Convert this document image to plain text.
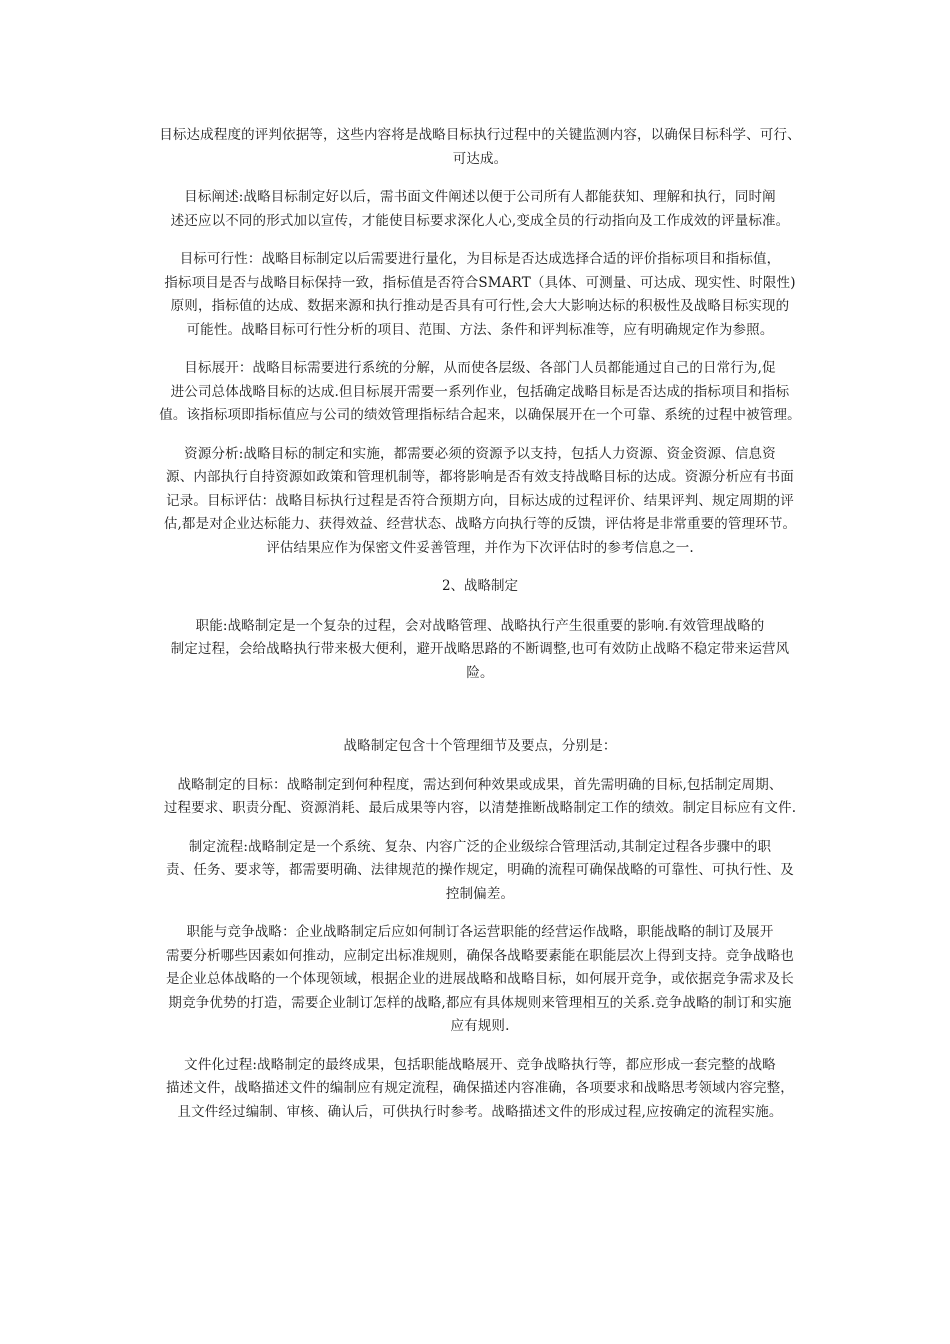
目标达成程度的评判依据等，这些内容将是战略目标执行过程中的关键监测内容，以确保目标科学、可行、
可达成。

目标阐述:战略目标制定好以后，需书面文件阐述以便于公司所有人都能获知、理解和执行，同时阐
述还应以不同的形式加以宣传，才能使目标要求深化人心,变成全员的行动指向及工作成效的评量标准。

目标可行性：战略目标制定以后需要进行量化，为目标是否达成选择合适的评价指标项目和指标值，
指标项目是否与战略目标保持一致，指标值是否符合SMART（具体、可测量、可达成、现实性、时限性)
原则，指标值的达成、数据来源和执行推动是否具有可行性,会大大影响达标的积极性及战略目标实现的
可能性。战略目标可行性分析的项目、范围、方法、条件和评判标准等，应有明确规定作为参照。

目标展开：战略目标需要进行系统的分解，从而使各层级、各部门人员都能通过自己的日常行为,促
进公司总体战略目标的达成.但目标展开需要一系列作业，包括确定战略目标是否达成的指标项目和指标
值。该指标项即指标值应与公司的绩效管理指标结合起来，以确保展开在一个可靠、系统的过程中被管理。

资源分析:战略目标的制定和实施，都需要必须的资源予以支持，包括人力资源、资金资源、信息资
源、内部执行自持资源如政策和管理机制等，都将影响是否有效支持战略目标的达成。资源分析应有书面
记录。目标评估：战略目标执行过程是否符合预期方向，目标达成的过程评价、结果评判、规定周期的评
估,都是对企业达标能力、获得效益、经营状态、战略方向执行等的反馈，评估将是非常重要的管理环节。
评估结果应作为保密文件妥善管理，并作为下次评估时的参考信息之一.

2、战略制定

职能:战略制定是一个复杂的过程，会对战略管理、战略执行产生很重要的影响.有效管理战略的
制定过程，会给战略执行带来极大便利，避开战略思路的不断调整,也可有效防止战略不稳定带来运营风
险。

战略制定包含十个管理细节及要点，分别是：

战略制定的目标：战略制定到何种程度，需达到何种效果或成果，首先需明确的目标,包括制定周期、
过程要求、职责分配、资源消耗、最后成果等内容，以清楚推断战略制定工作的绩效。制定目标应有文件.

制定流程:战略制定是一个系统、复杂、内容广泛的企业级综合管理活动,其制定过程各步骤中的职
责、任务、要求等，都需要明确、法律规范的操作规定，明确的流程可确保战略的可靠性、可执行性、及
控制偏差。

职能与竞争战略：企业战略制定后应如何制订各运营职能的经营运作战略，职能战略的制订及展开
需要分析哪些因素如何推动，应制定出标准规则，确保各战略要素能在职能层次上得到支持。竞争战略也
是企业总体战略的一个体现领域，根据企业的进展战略和战略目标，如何展开竞争，或依据竞争需求及长
期竞争优势的打造，需要企业制订怎样的战略,都应有具体规则来管理相互的关系.竞争战略的制订和实施
应有规则.

文件化过程:战略制定的最终成果，包括职能战略展开、竞争战略执行等，都应形成一套完整的战略
描述文件，战略描述文件的编制应有规定流程，确保描述内容准确，各项要求和战略思考领域内容完整，
且文件经过编制、审核、确认后，可供执行时参考。战略描述文件的形成过程,应按确定的流程实施。
